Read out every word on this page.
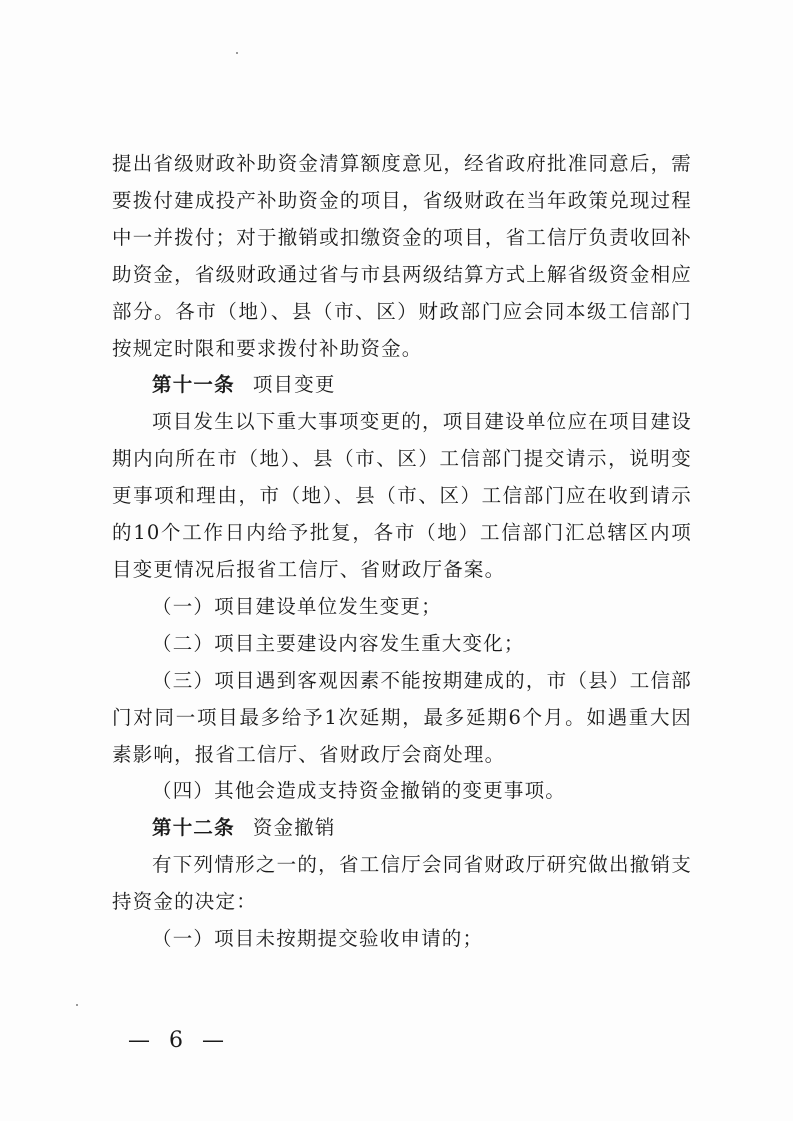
提出省级财政补助资金清算额度意见，经省政府批准同意后，需要拨付建成投产补助资金的项目，省级财政在当年政策兑现过程中一并拨付；对于撤销或扣缴资金的项目，省工信厅负责收回补助资金，省级财政通过省与市县两级结算方式上解省级资金相应部分。各市（地）、县（市、区）财政部门应会同本级工信部门按规定时限和要求拨付补助资金。

第十一条 项目变更

项目发生以下重大事项变更的，项目建设单位应在项目建设期内向所在市（地）、县（市、区）工信部门提交请示，说明变更事项和理由，市（地）、县（市、区）工信部门应在收到请示的10个工作日内给予批复，各市（地）工信部门汇总辖区内项目变更情况后报省工信厅、省财政厅备案。

（一）项目建设单位发生变更；

（二）项目主要建设内容发生重大变化；

（三）项目遇到客观因素不能按期建成的，市（县）工信部门对同一项目最多给予1次延期，最多延期6个月。如遇重大因素影响，报省工信厅、省财政厅会商处理。

（四）其他会造成支持资金撤销的变更事项。

第十二条 资金撤销

有下列情形之一的，省工信厅会同省财政厅研究做出撤销支持资金的决定：

（一）项目未按期提交验收申请的；

— 6 —
